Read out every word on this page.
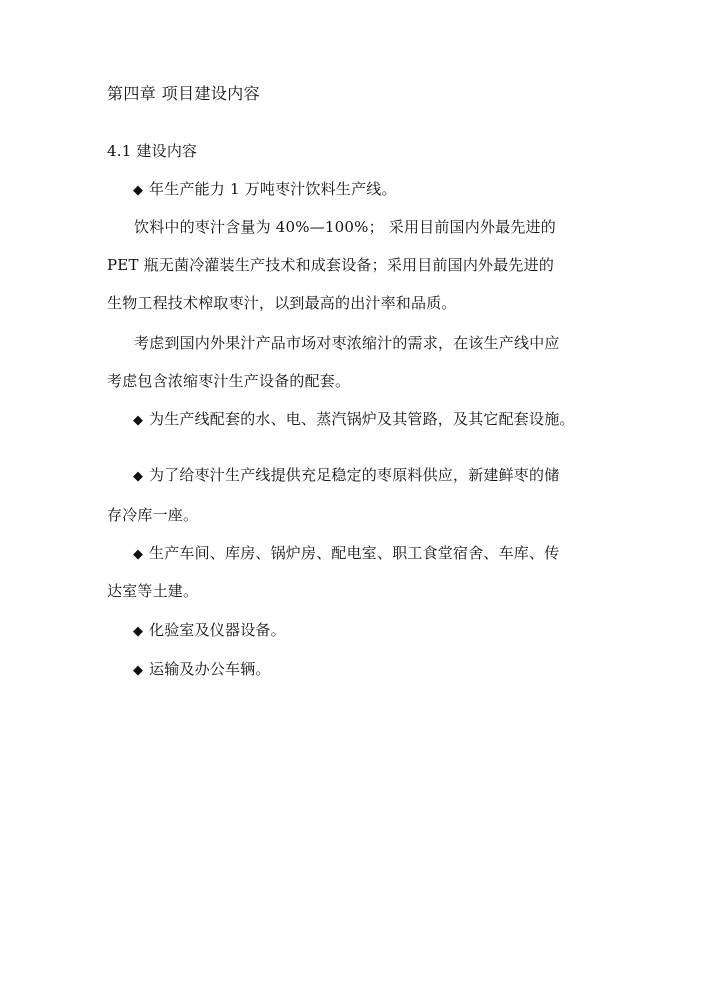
第四章 项目建设内容
4.1 建设内容
◆ 年生产能力 1 万吨枣汁饮料生产线。
饮料中的枣汁含量为 40%—100%； 采用目前国内外最先进的
PET 瓶无菌冷灌装生产技术和成套设备；采用目前国内外最先进的
生物工程技术榨取枣汁，以到最高的出汁率和品质。
考虑到国内外果汁产品市场对枣浓缩汁的需求，在该生产线中应
考虑包含浓缩枣汁生产设备的配套。
◆ 为生产线配套的水、电、蒸汽锅炉及其管路，及其它配套设施。
◆ 为了给枣汁生产线提供充足稳定的枣原料供应，新建鲜枣的储
存冷库一座。
◆ 生产车间、库房、锅炉房、配电室、职工食堂宿舍、车库、传
达室等土建。
◆ 化验室及仪器设备。
◆ 运输及办公车辆。
